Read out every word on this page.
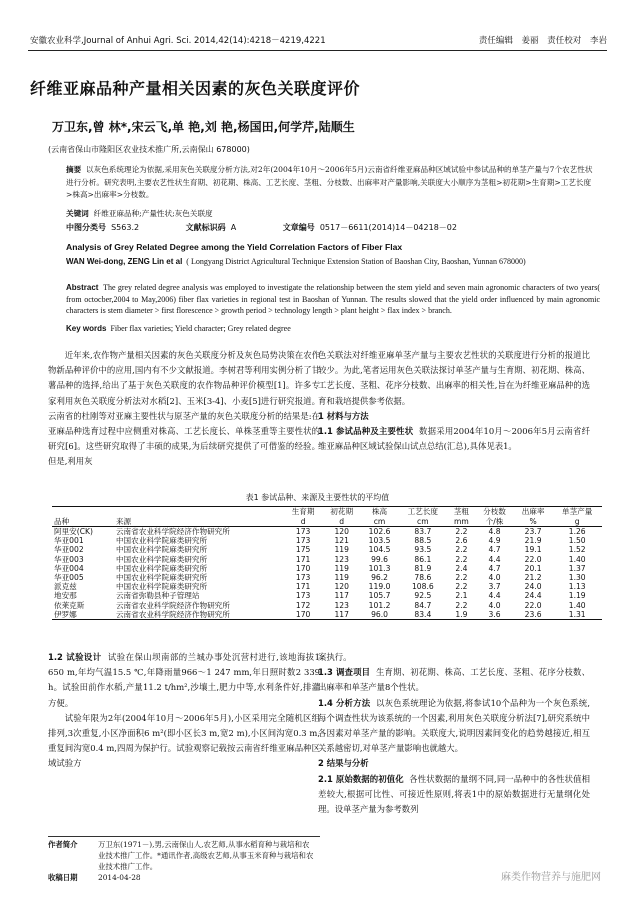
安徽农业科学,Journal of Anhui Agri. Sci. 2014,42(14):4218－4219,4221	责任编辑 姜丽 责任校对 李岩
纤维亚麻品种产量相关因素的灰色关联度评价
万卫东,曾 林*,宋云飞,单 艳,刘 艳,杨国田,何学芹,陆顺生
(云南省保山市隆阳区农业技术推广所,云南保山 678000)
摘要 以灰色系统理论为依据,采用灰色关联度分析方法,对2年(2004年10月～2006年5月)云南省纤维亚麻品种区域试验中参试品种的单茎产量与7个农艺性状进行分析。研究表明,主要农艺性状生育期、初花期、株高、工艺长度、茎粗、分枝数、出麻率对产量影响,关联度大小顺序为茎粗>初花期>生育期>工艺长度>株高>出麻率>分枝数。
关键词 纤维亚麻品种;产量性状;灰色关联度
中图分类号 S563.2	文献标识码 A	文章编号 0517－6611(2014)14－04218－02
Analysis of Grey Related Degree among the Yield Correlation Factors of Fiber Flax
WAN Wei-dong, ZENG Lin et al ( Longyang District Agricultural Technique Extension Station of Baoshan City, Baoshan, Yunnan 678000)
Abstract The grey related degree analysis was employed to investigate the relationship between the stem yield and seven main agronomic characters of two years( from octocber,2004 to May,2006) fiber flax varieties in regional test in Baoshan of Yunnan. The results slowed that the yield order influenced by main agronomic characters is stem diameter > first florescence > growth period > technology length > plant height > flax index > branch.
Key words Fiber flax varieties; Yield character; Grey related degree

近年来,农作物产量相关因素的灰色关联度分析及灰色局势决策在农作物新品种评价中的应用,国内有不少文献报道。李树君等利用实例分析了甘薯品种的选择,给出了基于灰色关联度的农作物品种评价模型[1]。许多专家利用灰色关联度分析法对水稻[2]、玉米[3-4]、小麦[5]进行研究报道。云南省的杜刚等对亚麻主要性状与原茎产量的灰色关联度分析的结果是:在亚麻品种选育过程中应侧重对株高、工艺长度长、单株茎重等主要性状的研究[6]。这些研究取得了丰硕的成果,为后续研究提供了可借鉴的经验。但是,利用灰

色关联法对纤维亚麻单茎产量与主要农艺性状的关联度进行分析的报道比较少。为此,笔者运用灰色关联法探讨单茎产量与生育期、初花期、株高、工艺长度、茎粗、花序分枝数、出麻率的相关性,旨在为纤维亚麻品种的选育和栽培提供参考依据。

1 材料与方法

1.1 参试品种及主要性状 数据采用2004年10月～2006年5月云南省纤维亚麻品种区域试验保山试点总结(汇总),具体见表1。

表1 参试品种、来源及主要性状的平均值
		生育期	初花期	株高	工艺长度	茎粗	分枝数	出麻率	单茎产量
品种	来源	d	d	cm	cm	mm	个/株	%	g
阿里安(CK)	云南省农业科学院经济作物研究所	173	120	102.6	83.7	2.2	4.8	23.7	1.26
华亚001	中国农业科学院麻类研究所	173	121	103.5	88.5	2.6	4.9	21.9	1.50
华亚002	中国农业科学院麻类研究所	175	119	104.5	93.5	2.2	4.7	19.1	1.52
华亚003	中国农业科学院麻类研究所	171	123	99.6	86.1	2.2	4.4	22.0	1.40
华亚004	中国农业科学院麻类研究所	170	119	101.3	81.9	2.4	4.7	20.1	1.37
华亚005	中国农业科学院麻类研究所	173	119	96.2	78.6	2.2	4.0	21.2	1.30
派克兹	中国农业科学院麻类研究所	171	120	119.0	108.6	2.2	3.7	24.0	1.13
地安那	云南省弥勒县种子管理站	173	117	105.7	92.5	2.1	4.4	24.4	1.19
依莱克斯	云南省农业科学院经济作物研究所	172	123	101.2	84.7	2.2	4.0	22.0	1.40
伊罗娜	云南省农业科学院经济作物研究所	170	117	96.0	83.4	1.9	3.6	23.6	1.31

1.2 试验设计 试验在保山坝南部的兰城办事处沉营村进行,该地海拔1 650 m,年均气温15.5 ℃,年降雨量966～1 247 mm,年日照时数2 339 h。试验田前作水稻,产量11.2 t/hm²,沙壤土,肥力中等,水利条件好,排灌方便。

试验年限为2年(2004年10月～2006年5月),小区采用完全随机区组排列,3次重复,小区净面积6 m²(即小区长3 m,宽2 m),小区间沟宽0.3 m,重复间沟宽0.4 m,四周为保护行。试验观察记载按云南省纤维亚麻品种区域试验方

案执行。

1.3 调查项目 生育期、初花期、株高、工艺长度、茎粗、花序分枝数、出麻率和单茎产量8个性状。

1.4 分析方法 以灰色系统理论为依据,将参试10个品种为一个灰色系统,每个调查性状为该系统的一个因素,利用灰色关联度分析法[7],研究系统中各因素对单茎产量的影响。关联度大,说明因素间变化的趋势越接近,相互关系越密切,对单茎产量影响也就越大。

2 结果与分析

2.1 原始数据的初值化 各性状数据的量纲不同,同一品种中的各性状值相差较大,根据可比性、可接近性原则,将表1中的原始数据进行无量纲化处理。设单茎产量为参考数列

作者简介	万卫东(1971－),男,云南保山人,农艺师,从事水稻育种与栽培和农业技术推广工作。*通讯作者,高级农艺师,从事玉米育种与栽培和农业技术推广工作。
收稿日期	2014-04-28	麻类作物营养与施肥网
